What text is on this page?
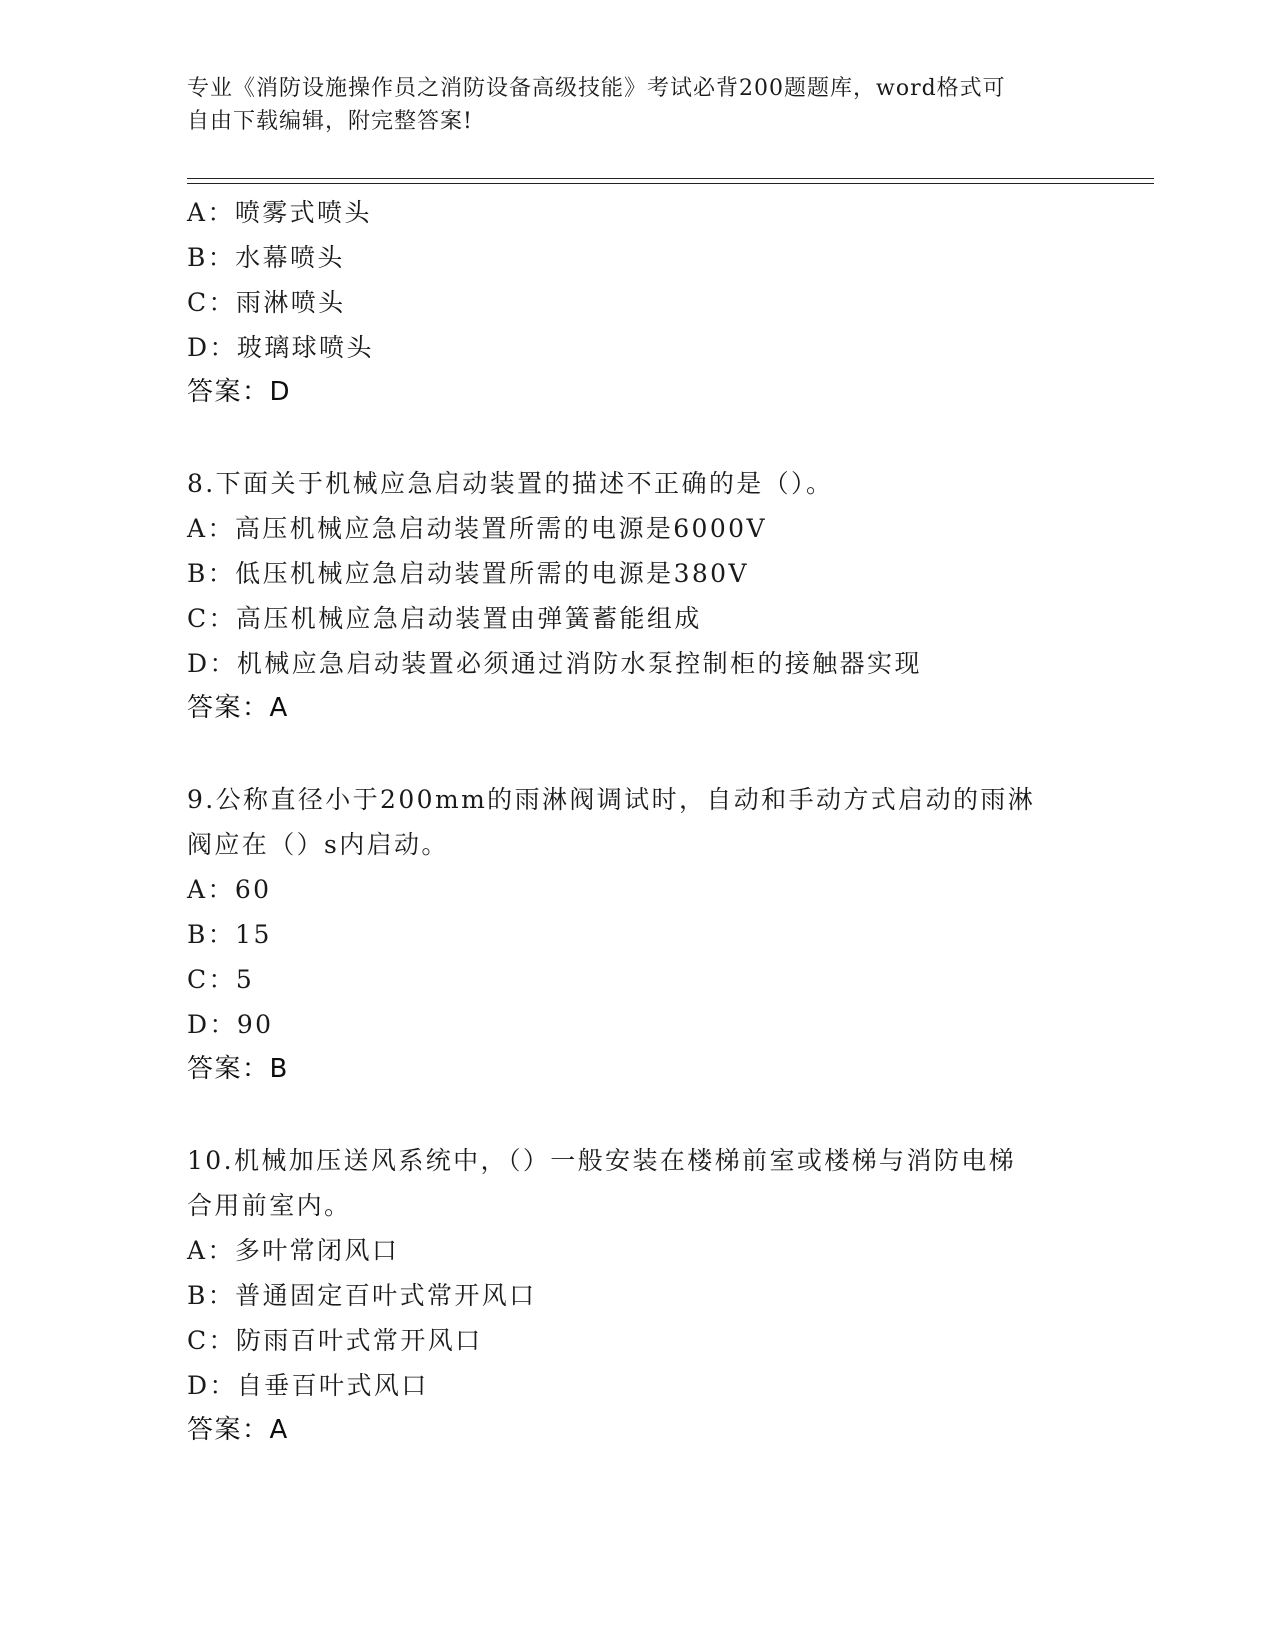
专业《消防设施操作员之消防设备高级技能》考试必背200题题库，word格式可
自由下载编辑，附完整答案!
A：喷雾式喷头
B：水幕喷头
C：雨淋喷头
D：玻璃球喷头
答案：D
8.下面关于机械应急启动装置的描述不正确的是（）。
A：高压机械应急启动装置所需的电源是6000V
B：低压机械应急启动装置所需的电源是380V
C：高压机械应急启动装置由弹簧蓄能组成
D：机械应急启动装置必须通过消防水泵控制柜的接触器实现
答案：A
9.公称直径小于200mm的雨淋阀调试时，自动和手动方式启动的雨淋
阀应在（）s内启动。
A：60
B：15
C：5
D：90
答案：B
10.机械加压送风系统中，（）一般安装在楼梯前室或楼梯与消防电梯
合用前室内。
A：多叶常闭风口
B：普通固定百叶式常开风口
C：防雨百叶式常开风口
D：自垂百叶式风口
答案：A
